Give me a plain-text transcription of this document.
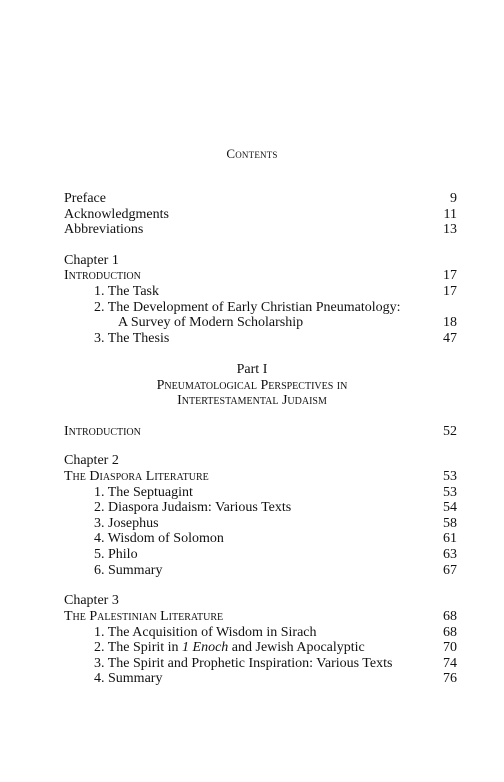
Contents
Preface	9
Acknowledgments	11
Abbreviations	13
Chapter 1
Introduction	17
1. The Task	17
2. The Development of Early Christian Pneumatology:
A Survey of Modern Scholarship	18
3. The Thesis	47
Part I
Pneumatological Perspectives in
Intertestamental Judaism
Introduction	52
Chapter 2
The Diaspora Literature	53
1. The Septuagint	53
2. Diaspora Judaism: Various Texts	54
3. Josephus	58
4. Wisdom of Solomon	61
5. Philo	63
6. Summary	67
Chapter 3
The Palestinian Literature	68
1. The Acquisition of Wisdom in Sirach	68
2. The Spirit in 1 Enoch and Jewish Apocalyptic	70
3. The Spirit and Prophetic Inspiration: Various Texts	74
4. Summary	76
